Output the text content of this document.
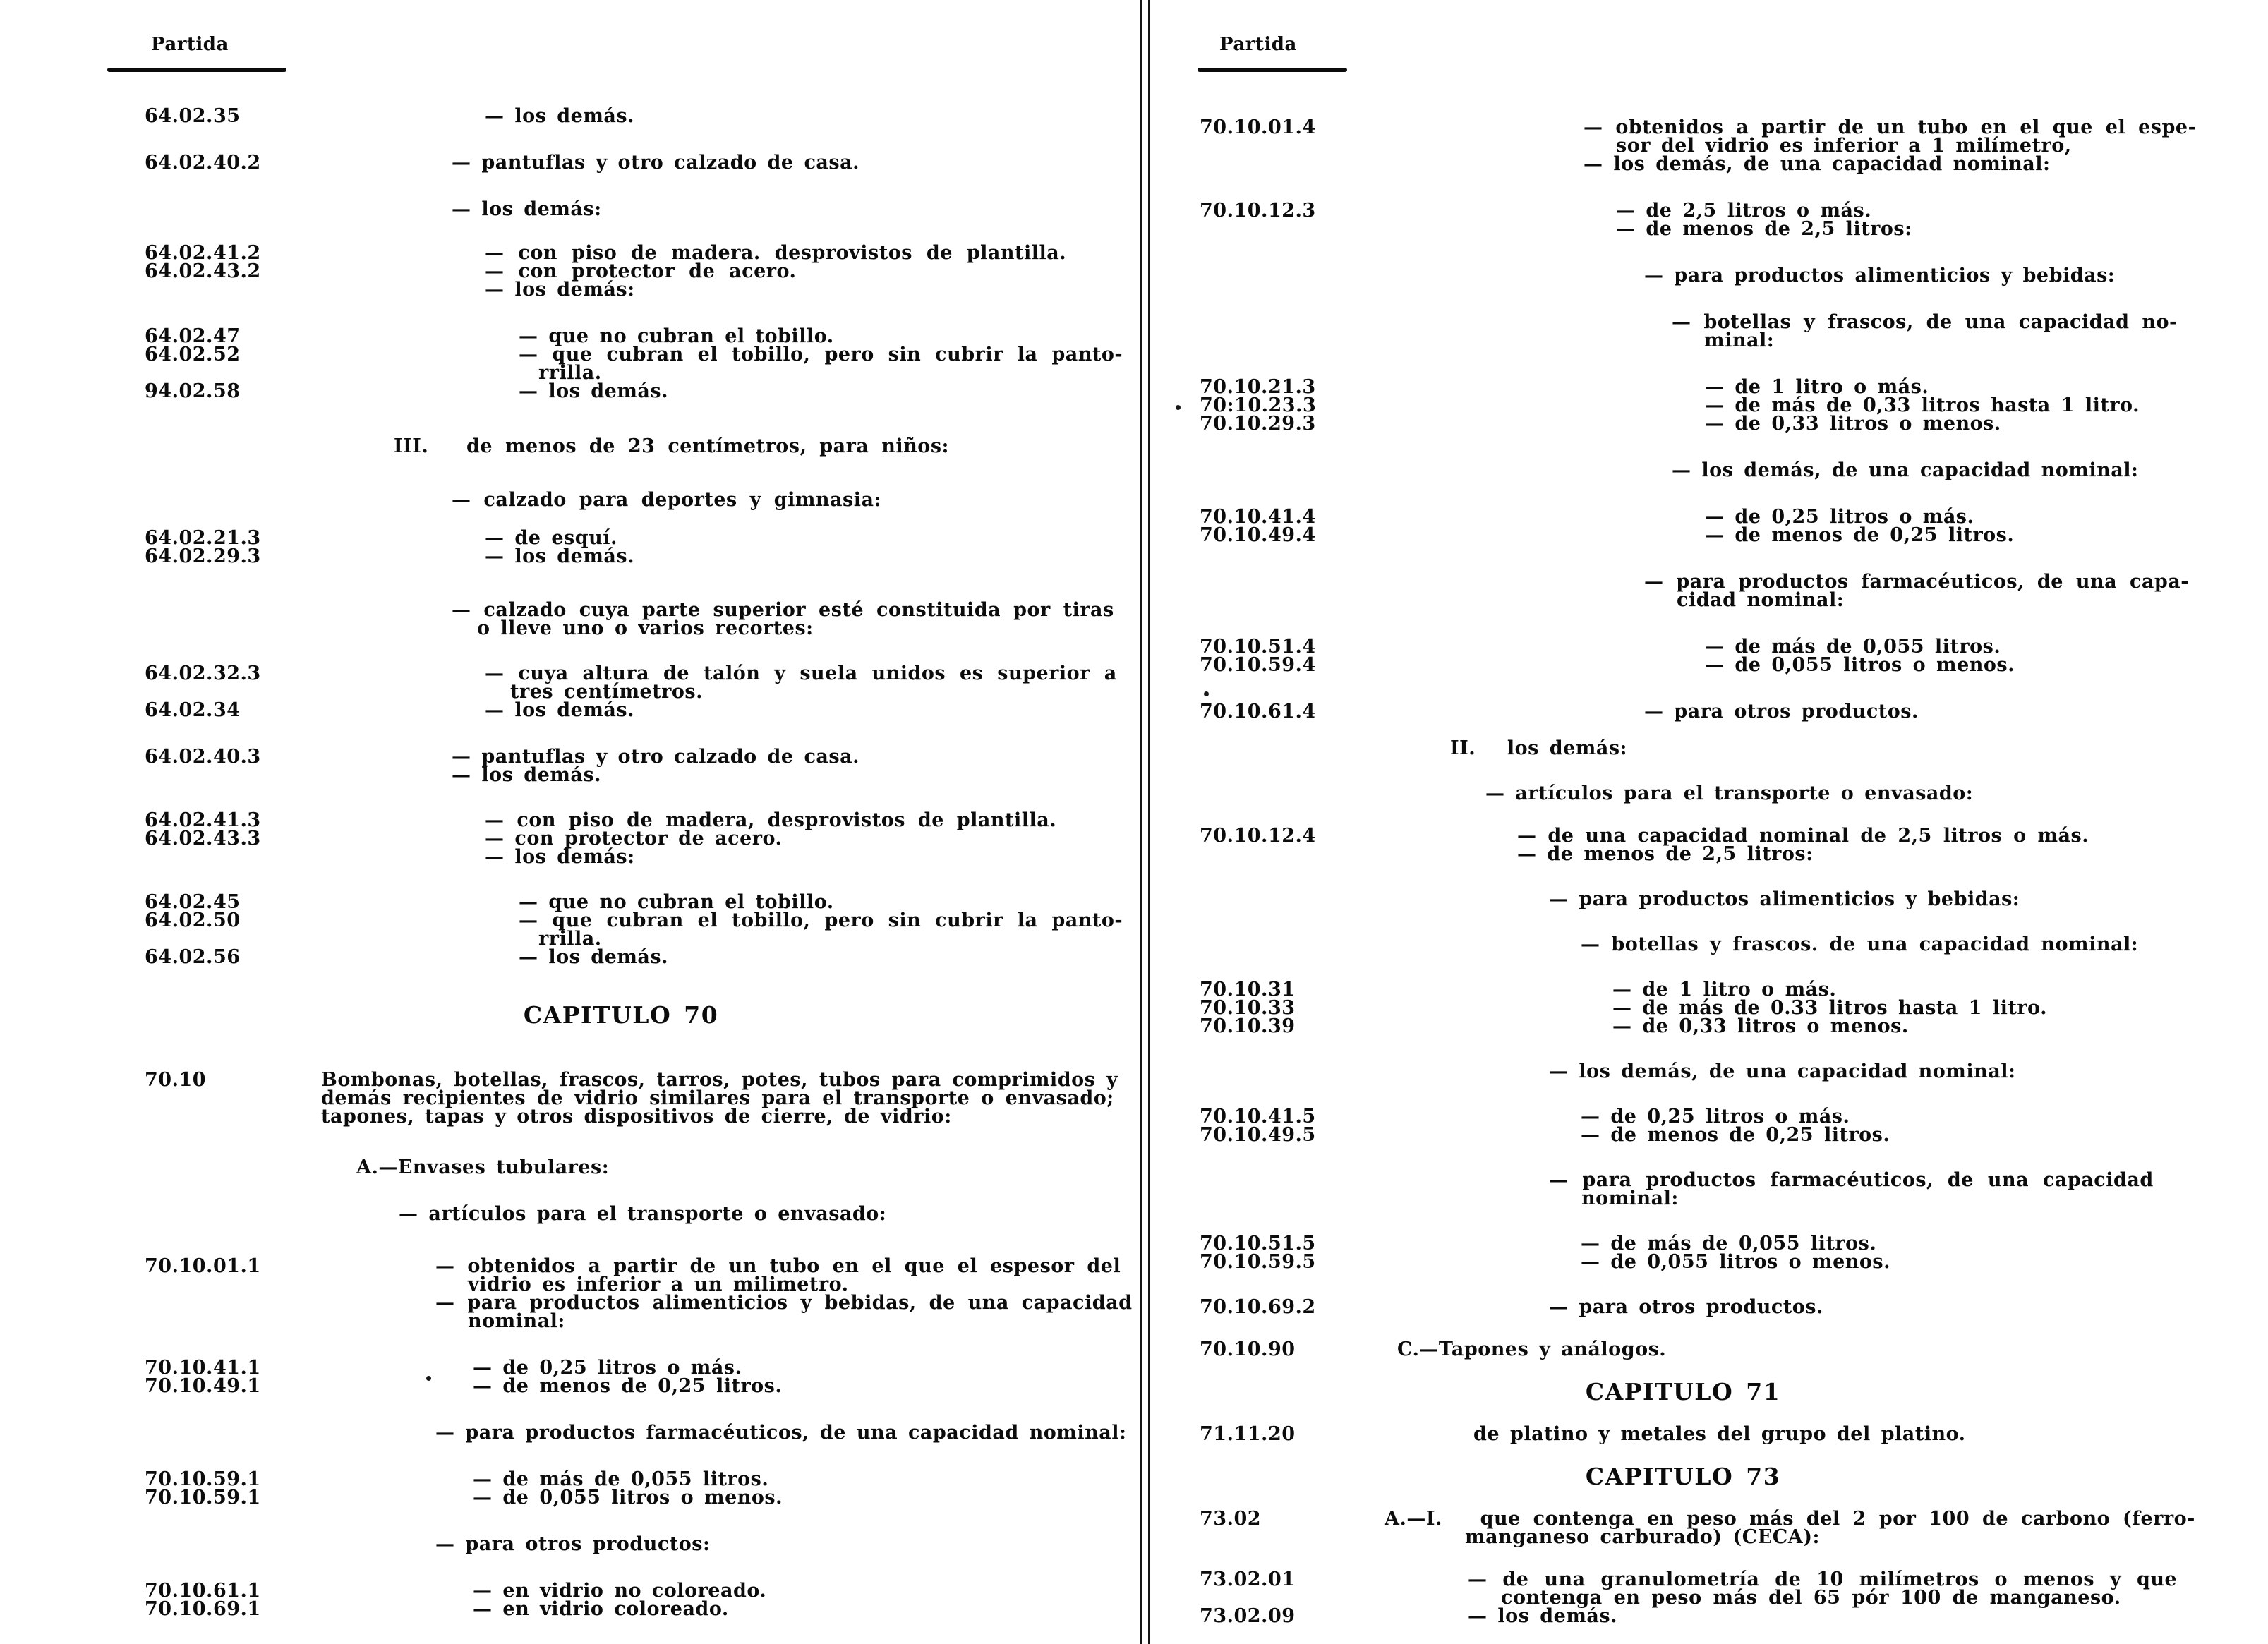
Partida
64.02.35
64.02.40.2
64.02.41.2
64.02.43.2
64.02.47
64.02.52
94.02.58
64.02.21.3
64.02.29.3
64.02.32.3
64.02.34
64.02.40.3
64.02.41.3
64.02.43.3
64.02.45
64.02.50
64.02.56
70.10
70.10.01.1
70.10.41.1
70.10.49.1
70.10.59.1
70.10.59.1
70.10.61.1
70.10.69.1
— los demás.
— pantuflas y otro calzado de casa.
— los demás:
— con piso de madera. desprovistos de plantilla.
— con protector de acero.
— los demás:
— que no cubran el tobillo.
— que cubran el tobillo, pero sin cubrir la panto-
rrilla.
— los demás.
III.   de menos de 23 centímetros, para niños:
— calzado para deportes y gimnasia:
— de esquí.
— los demás.
— calzado cuya parte superior esté constituida por tiras
o lleve uno o varios recortes:
— cuya altura de talón y suela unidos es superior a
tres centímetros.
— los demás.
— pantuflas y otro calzado de casa.
— los demás.
— con piso de madera, desprovistos de plantilla.
— con protector de acero.
— los demás:
— que no cubran el tobillo.
— que cubran el tobillo, pero sin cubrir la panto-
rrilla.
— los demás.
CAPITULO 70
Bombonas, botellas, frascos, tarros, potes, tubos para comprimidos y
demás recipientes de vidrio similares para el transporte o envasado;
tapones, tapas y otros dispositivos de cierre, de vidrio:
A.—Envases tubulares:
— artículos para el transporte o envasado:
— obtenidos a partir de un tubo en el que el espesor del
vidrio es inferior a un milimetro.
— para productos alimenticios y bebidas, de una capacidad
nominal:
— de 0,25 litros o más.
— de menos de 0,25 litros.
— para productos farmacéuticos, de una capacidad nominal:
— de más de 0,055 litros.
— de 0,055 litros o menos.
— para otros productos:
— en vidrio no coloreado.
— en vidrio coloreado.
Partida
70.10.01.4
70.10.12.3
70.10.21.3
70:10.23.3
70.10.29.3
70.10.41.4
70.10.49.4
70.10.51.4
70.10.59.4
70.10.61.4
70.10.12.4
70.10.31
70.10.33
70.10.39
70.10.41.5
70.10.49.5
70.10.51.5
70.10.59.5
70.10.69.2
70.10.90
71.11.20
73.02
73.02.01
73.02.09
— obtenidos a partir de un tubo en el que el espe-
sor del vidrio es inferior a 1 milímetro,
— los demás, de una capacidad nominal:
— de 2,5 litros o más.
— de menos de 2,5 litros:
— para productos alimenticios y bebidas:
— botellas y frascos, de una capacidad no-
minal:
— de 1 litro o más.
— de más de 0,33 litros hasta 1 litro.
— de 0,33 litros o menos.
— los demás, de una capacidad nominal:
— de 0,25 litros o más.
— de menos de 0,25 litros.
— para productos farmacéuticos, de una capa-
cidad nominal:
— de más de 0,055 litros.
— de 0,055 litros o menos.
— para otros productos.
II.   los demás:
— artículos para el transporte o envasado:
— de una capacidad nominal de 2,5 litros o más.
— de menos de 2,5 litros:
— para productos alimenticios y bebidas:
— botellas y frascos. de una capacidad nominal:
— de 1 litro o más.
— de más de 0.33 litros hasta 1 litro.
— de 0,33 litros o menos.
— los demás, de una capacidad nominal:
— de 0,25 litros o más.
— de menos de 0,25 litros.
— para productos farmacéuticos, de una capacidad
nominal:
— de más de 0,055 litros.
— de 0,055 litros o menos.
— para otros productos.
C.—Tapones y análogos.
CAPITULO 71
de platino y metales del grupo del platino.
CAPITULO 73
A.—I.   que contenga en peso más del 2 por 100 de carbono (ferro-
manganeso carburado) (CECA):
— de una granulometría de 10 milímetros o menos y que
contenga en peso más del 65 pór 100 de manganeso.
— los demás.
